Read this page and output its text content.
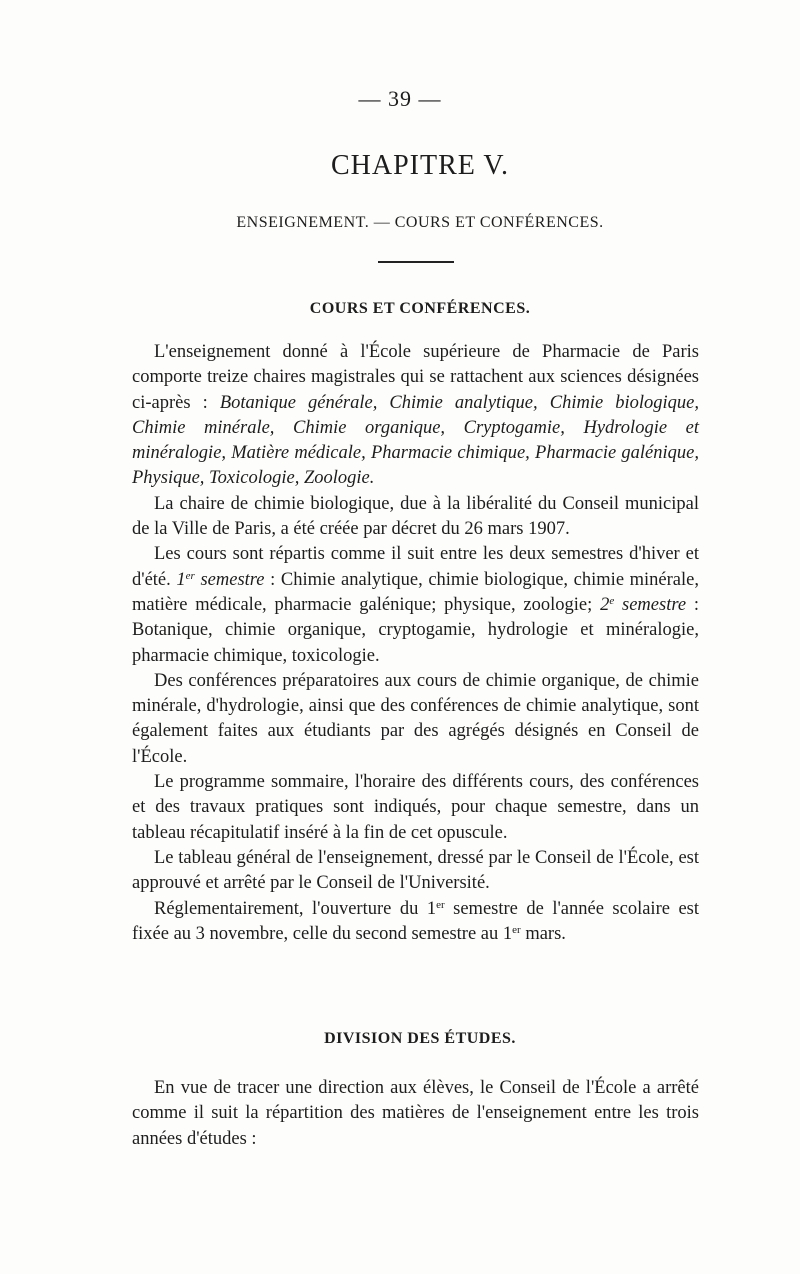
— 39 —
CHAPITRE V.
ENSEIGNEMENT. — COURS ET CONFÉRENCES.
COURS ET CONFÉRENCES.

L'enseignement donné à l'École supérieure de Pharmacie de Paris comporte treize chaires magistrales qui se rattachent aux sciences désignées ci-après : Botanique générale, Chimie analytique, Chimie biologique, Chimie minérale, Chimie organique, Cryptogamie, Hydrologie et minéralogie, Matière médicale, Pharmacie chimique, Pharmacie galénique, Physique, Toxicologie, Zoologie.

La chaire de chimie biologique, due à la libéralité du Conseil municipal de la Ville de Paris, a été créée par décret du 26 mars 1907.

Les cours sont répartis comme il suit entre les deux semestres d'hiver et d'été. 1er semestre : Chimie analytique, chimie biologique, chimie minérale, matière médicale, pharmacie galénique; physique, zoologie; 2e semestre : Botanique, chimie organique, cryptogamie, hydrologie et minéralogie, pharmacie chimique, toxicologie.

Des conférences préparatoires aux cours de chimie organique, de chimie minérale, d'hydrologie, ainsi que des conférences de chimie analytique, sont également faites aux étudiants par des agrégés désignés en Conseil de l'École.

Le programme sommaire, l'horaire des différents cours, des conférences et des travaux pratiques sont indiqués, pour chaque semestre, dans un tableau récapitulatif inséré à la fin de cet opuscule.

Le tableau général de l'enseignement, dressé par le Conseil de l'École, est approuvé et arrêté par le Conseil de l'Université.

Réglementairement, l'ouverture du 1er semestre de l'année scolaire est fixée au 3 novembre, celle du second semestre au 1er mars.

DIVISION DES ÉTUDES.

En vue de tracer une direction aux élèves, le Conseil de l'École a arrêté comme il suit la répartition des matières de l'enseignement entre les trois années d'études :
